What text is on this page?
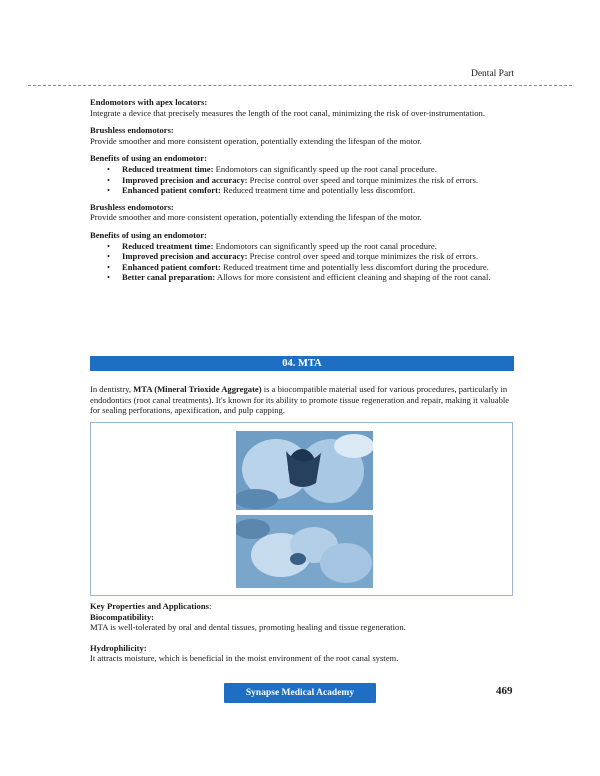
Dental Part
Endomotors with apex locators:

Integrate a device that precisely measures the length of the root canal, minimizing the risk of over-instrumentation.

Brushless endomotors:

Provide smoother and more consistent operation, potentially extending the lifespan of the motor.

Benefits of using an endomotor:
• Reduced treatment time: Endomotors can significantly speed up the root canal procedure.
• Improved precision and accuracy: Precise control over speed and torque minimizes the risk of errors.
• Enhanced patient comfort: Reduced treatment time and potentially less discomfort.
Brushless endomotors:

Provide smoother and more consistent operation, potentially extending the lifespan of the motor.

Benefits of using an endomotor:
• Reduced treatment time: Endomotors can significantly speed up the root canal procedure.
• Improved precision and accuracy: Precise control over speed and torque minimizes the risk of errors.
• Enhanced patient comfort: Reduced treatment time and potentially less discomfort during the procedure.
• Better canal preparation: Allows for more consistent and efficient cleaning and shaping of the root canal.
04. MTA

In dentistry, MTA (Mineral Trioxide Aggregate) is a biocompatible material used for various procedures, particularly in endodontics (root canal treatments). It's known for its ability to promote tissue regeneration and repair, making it valuable for sealing perforations, apexification, and pulp capping.

Key Properties and Applications:
Biocompatibility:

MTA is well-tolerated by oral and dental tissues, promoting healing and tissue regeneration.

Hydrophilicity:

It attracts moisture, which is beneficial in the moist environment of the root canal system.

Synapse Medical Academy	469
